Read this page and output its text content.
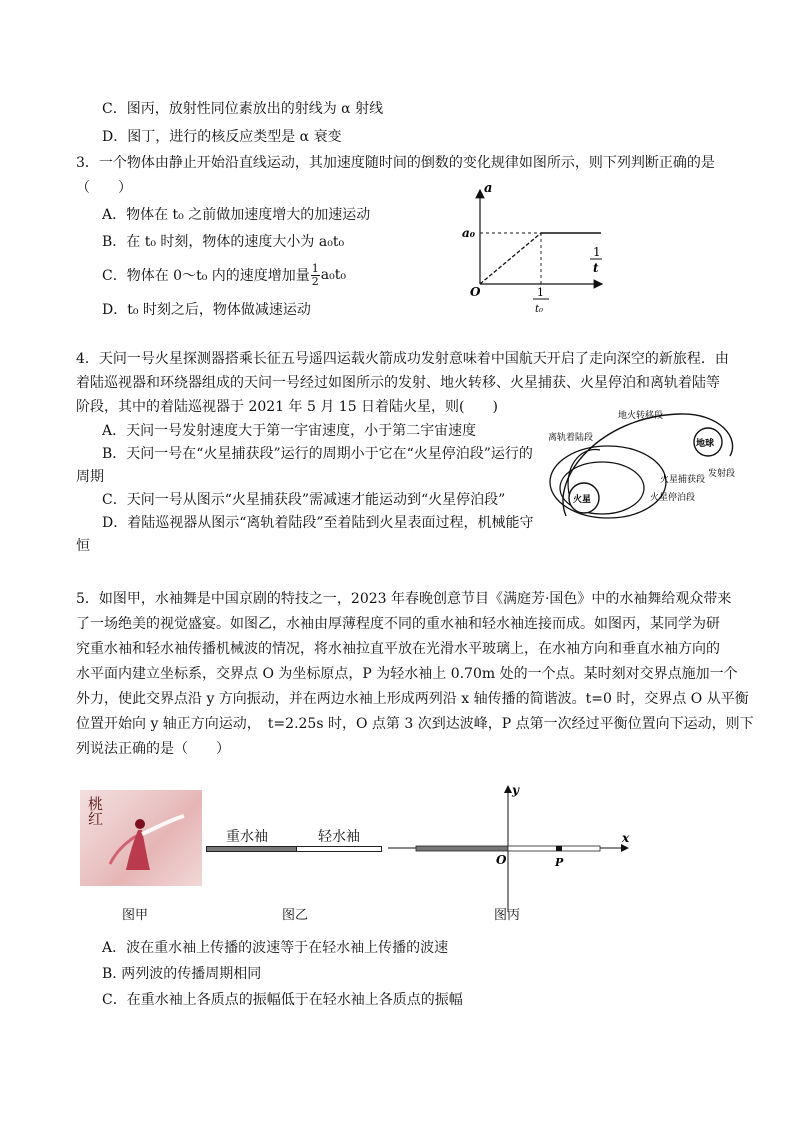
C．图丙，放射性同位素放出的射线为 α 射线
D．图丁，进行的核反应类型是 α 衰变
3．一个物体由静止开始沿直线运动，其加速度随时间的倒数的变化规律如图所示，则下列判断正确的是
（　　）
A．物体在 t₀ 之前做加速度增大的加速运动
B．在 t₀ 时刻，物体的速度大小为 a₀t₀
C．物体在 0～t₀ 内的速度增加量 $\frac{1}{2} a_0t_0$
D．t₀ 时刻之后，物体做减速运动
a
a₀
O
1
t
1
t₀
4．天问一号火星探测器搭乘长征五号遥四运载火箭成功发射意味着中国航天开启了走向深空的新旅程．由
着陆巡视器和环绕器组成的天问一号经过如图所示的发射、地火转移、火星捕获、火星停泊和离轨着陆等
阶段，其中的着陆巡视器于 2021 年 5 月 15 日着陆火星，则(　　)
A．天问一号发射速度大于第一宇宙速度，小于第二宇宙速度
B．天问一号在“火星捕获段”运行的周期小于它在“火星停泊段”运行的
周期
C．天问一号从图示“火星捕获段”需减速才能运动到“火星停泊段”
D．着陆巡视器从图示“离轨着陆段”至着陆到火星表面过程，机械能守
恒
地球
火星
地火转移段
离轨着陆段
发射段
火星捕获段
火星停泊段
5．如图甲，水袖舞是中国京剧的特技之一，2023 年春晚创意节目《满庭芳·国色》中的水袖舞给观众带来
了一场绝美的视觉盛宴。如图乙，水袖由厚薄程度不同的重水袖和轻水袖连接而成。如图丙，某同学为研
究重水袖和轻水袖传播机械波的情况，将水袖拉直平放在光滑水平玻璃上，在水袖方向和垂直水袖方向的
水平面内建立坐标系，交界点 O 为坐标原点，P 为轻水袖上 0.70m 处的一个点。某时刻对交界点施加一个
外力，使此交界点沿 y 方向振动，并在两边水袖上形成两列沿 x 轴传播的简谐波。t=0 时，交界点 O 从平衡
位置开始向 y 轴正方向运动，　t=2.25s 时，O 点第 3 次到达波峰，P 点第一次经过平衡位置向下运动，则下
列说法正确的是（　　）
桃红
重水袖	轻水袖	x
y
O	P
图甲	图乙	图丙
A．波在重水袖上传播的波速等于在轻水袖上传播的波速
B. 两列波的传播周期相同
C．在重水袖上各质点的振幅低于在轻水袖上各质点的振幅
